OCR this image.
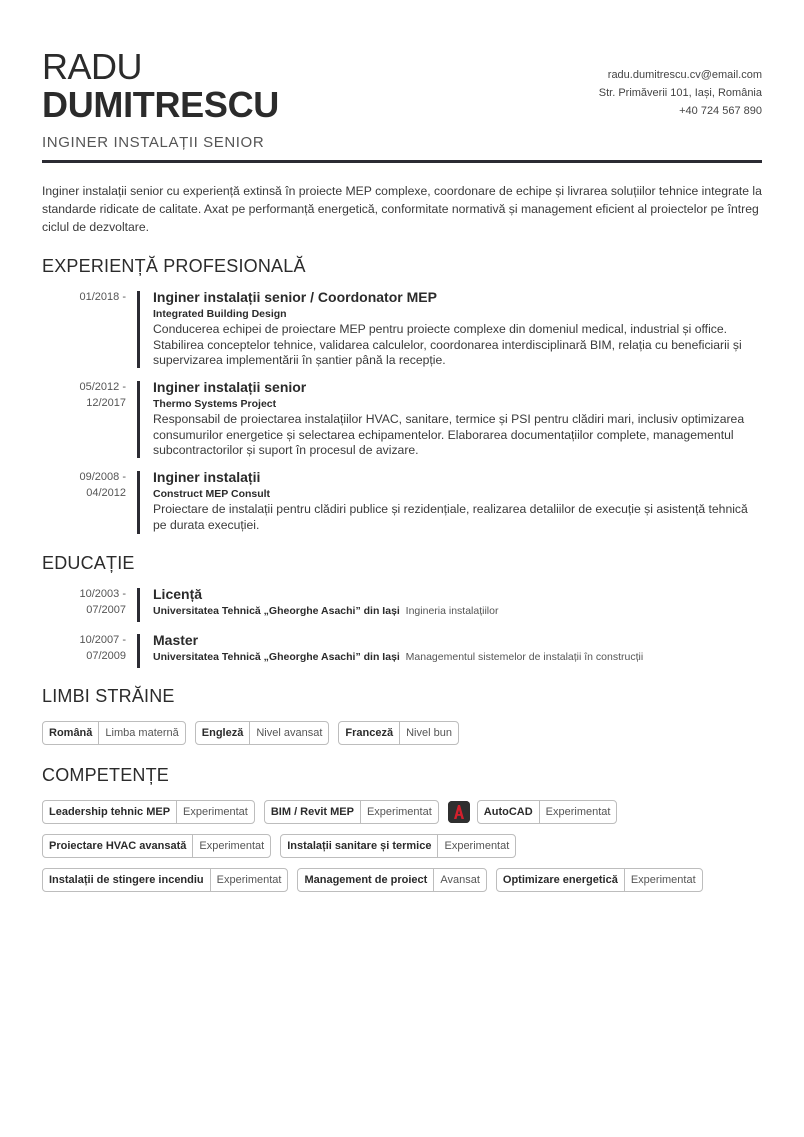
RADU
DUMITRESCU
INGINER INSTALAȚII SENIOR
radu.dumitrescu.cv@email.com
Str. Primăverii 101, Iași, România
+40 724 567 890
Inginer instalații senior cu experiență extinsă în proiecte MEP complexe, coordonare de echipe și livrarea soluțiilor tehnice integrate la standarde ridicate de calitate. Axat pe performanță energetică, conformitate normativă și management eficient al proiectelor pe întreg ciclul de dezvoltare.
EXPERIENȚĂ PROFESIONALĂ
01/2018 - Inginer instalații senior / Coordonator MEP
Integrated Building Design
Conducerea echipei de proiectare MEP pentru proiecte complexe din domeniul medical, industrial și office. Stabilirea conceptelor tehnice, validarea calculelor, coordonarea interdisciplinară BIM, relația cu beneficiarii și supervizarea implementării în șantier până la recepție.
05/2012 -
12/2017
Inginer instalații senior
Thermo Systems Project
Responsabil de proiectarea instalațiilor HVAC, sanitare, termice și PSI pentru clădiri mari, inclusiv optimizarea consumurilor energetice și selectarea echipamentelor. Elaborarea documentațiilor complete, managementul subcontractorilor și suport în procesul de avizare.
09/2008 -
04/2012
Inginer instalații
Construct MEP Consult
Proiectare de instalații pentru clădiri publice și rezidențiale, realizarea detaliilor de execuție și asistență tehnică pe durata execuției.
EDUCAȚIE
10/2003 -
07/2007
Licență
Universitatea Tehnică „Gheorghe Asachi” din Iași Ingineria instalațiilor
10/2007 -
07/2009
Master
Universitatea Tehnică „Gheorghe Asachi” din Iași Managementul sistemelor de instalații în construcții
LIMBI STRĂINE
Română	Limba maternă	Engleză	Nivel avansat	Franceză	Nivel bun
COMPETENȚE
Leadership tehnic MEP	Experimentat	BIM / Revit MEP	Experimentat	AutoCAD	Experimentat
Proiectare HVAC avansată	Experimentat	Instalații sanitare și termice	Experimentat
Instalații de stingere incendiu	Experimentat	Management de proiect	Avansat	Optimizare energetică	Experimentat
